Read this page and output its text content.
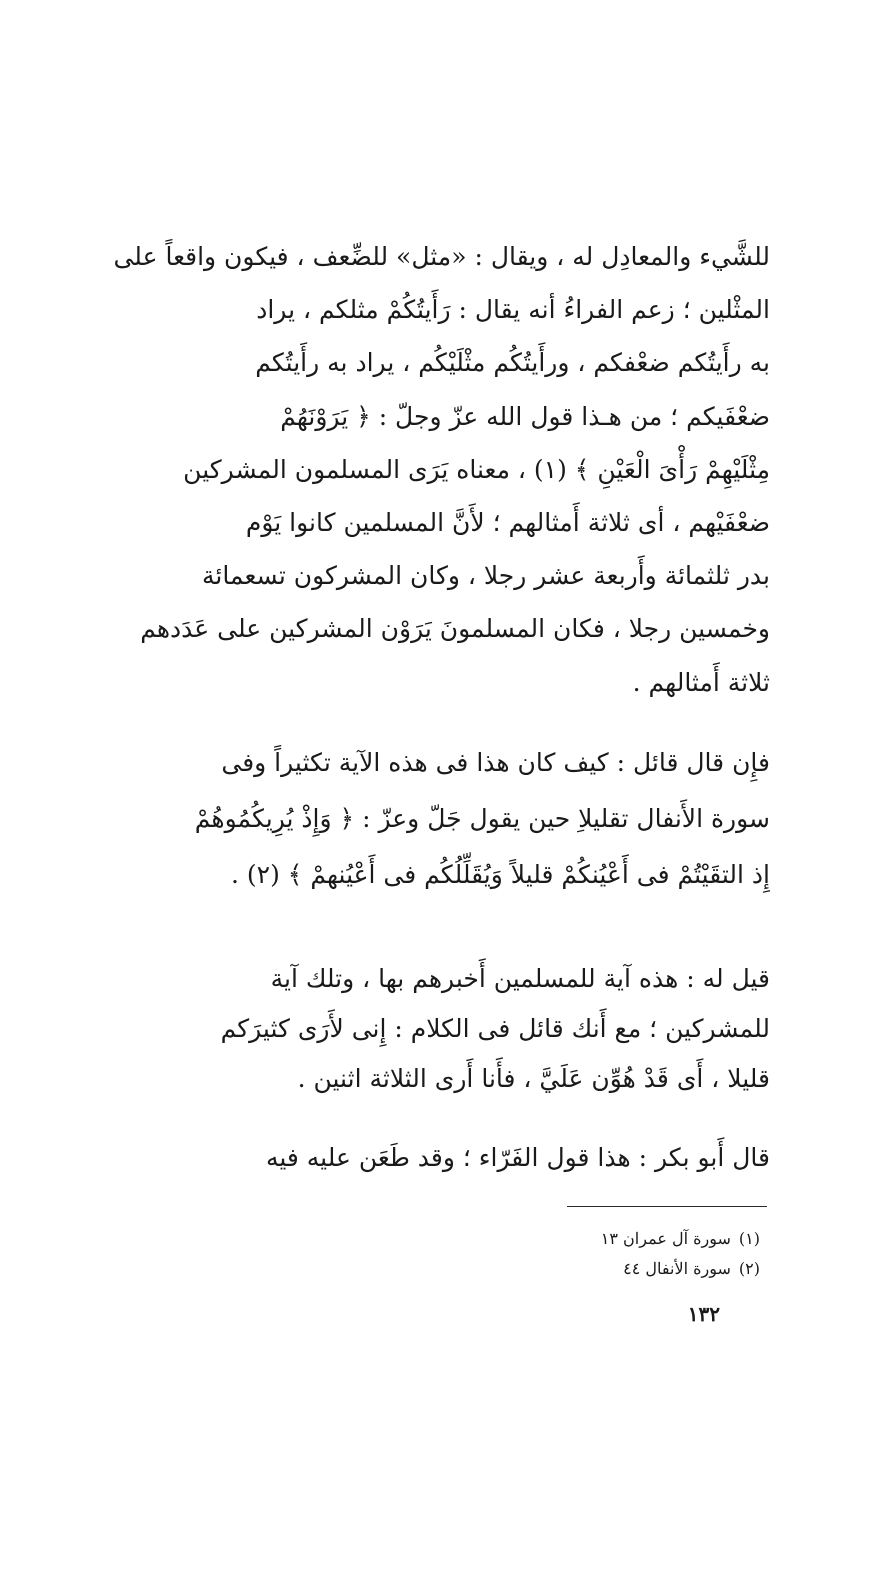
للشَّيء والمعادِل له ، ويقال : «مثل» للضِّعف ، فيكون واقعاً على
المثْلين ؛ زعم الفراءُ أنه يقال : رَأَيتُكُمْ مثلكم ، يراد
به رأَيتُكم ضعْفكم ، ورأَيتُكُم مثْلَيْكُم ، يراد به رأَيتُكم
ضعْفَيكم ؛ من هـذا قول الله عزّ وجلّ : ﴿ يَرَوْنَهُمْ
مِثْلَيْهِمْ رَأْىَ الْعَيْنِ ﴾ (١) ، معناه يَرَى المسلمون المشركين
ضعْفَيْهم ، أى ثلاثة أَمثالهم ؛ لأَنَّ المسلمين كانوا يَوْم
بدر ثلثمائة وأَربعة عشر رجلا ، وكان المشركون تسعمائة
وخمسين رجلا ، فكان المسلمونَ يَرَوْن المشركين على عَدَدهم
ثلاثة أَمثالهم .
فإِن قال قائل : كيف كان هذا فى هذه الآية تكثيراً وفى
سورة الأَنفال تقليلاِ حين يقول جَلّ وعزّ : ﴿ وَإِذْ يُرِيكُمُوهُمْ
إِذ التقَيْتُمْ فى أَعْيُنكُمْ قليلاً وَيُقَلِّلُكُم فى أَعْيُنهمْ ﴾ (٢) .
قيل له : هذه آية للمسلمين أَخبرهم بها ، وتلك آية
للمشركين ؛ مع أَنك قائل فى الكلام : إِنى لأَرَى كثيرَكم
قليلا ، أَى قَدْ هُوِّن عَلَيَّ ، فأَنا أَرى الثلاثة اثنين .
قال أَبو بكر : هذا قول الفَرّاء ؛ وقد طَعَن عليه فيه
(١)سورة آل عمران ١٣
(٢)سورة الأنفال ٤٤
١٣٢
